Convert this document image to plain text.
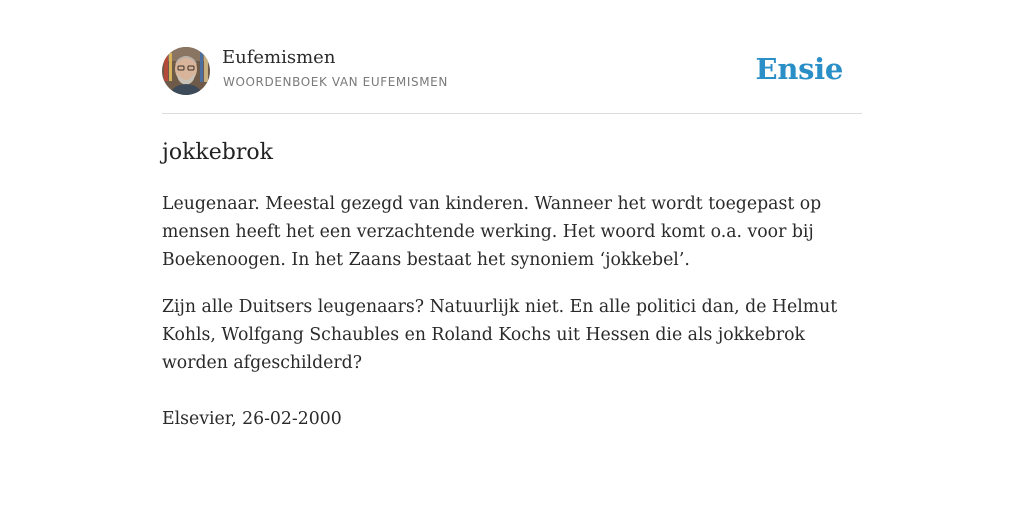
Eufemismen
WOORDENBOEK VAN EUFEMISMEN	Ensie
jokkebrok

Leugenaar. Meestal gezegd van kinderen. Wanneer het wordt toegepast op mensen heeft het een verzachtende werking. Het woord komt o.a. voor bij Boekenoogen. In het Zaans bestaat het synoniem ‘jokkebel’.

Zijn alle Duitsers leugenaars? Natuurlijk niet. En alle politici dan, de Helmut Kohls, Wolfgang Schaubles en Roland Kochs uit Hessen die als jokkebrok worden afgeschilderd?

Elsevier, 26-02-2000
